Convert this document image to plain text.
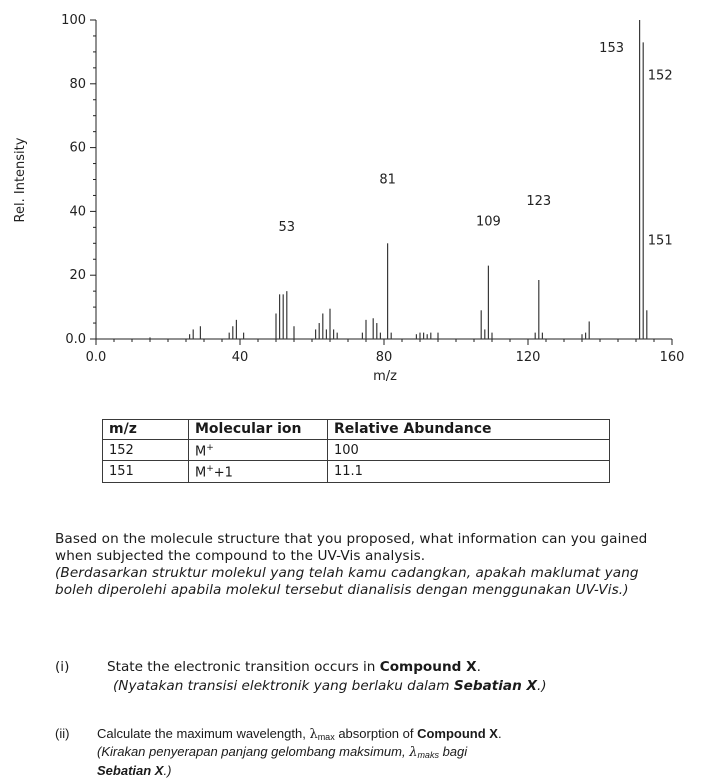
0.0
20
40
60
80
100
0.0	40	80	120	160
53
81
109
123
153
152
151
Rel. Intensity
m/z
m/z	Molecular ion	Relative Abundance
152	M+	100
151	M++1	11.1

Based on the molecule structure that you proposed, what information can you gained when subjected the compound to the UV-Vis analysis.

(Berdasarkan struktur molekul yang telah kamu cadangkan, apakah maklumat yang boleh diperolehi apabila molekul tersebut dianalisis dengan menggunakan UV-Vis.)

(i)	State the electronic transition occurs in Compound X.
(Nyatakan transisi elektronik yang berlaku dalam Sebatian X.)
(ii) Calculate the maximum wavelength, λmax absorption of Compound X.
(Kirakan penyerapan panjang gelombang maksimum, λmaks bagi
Sebatian X.)
